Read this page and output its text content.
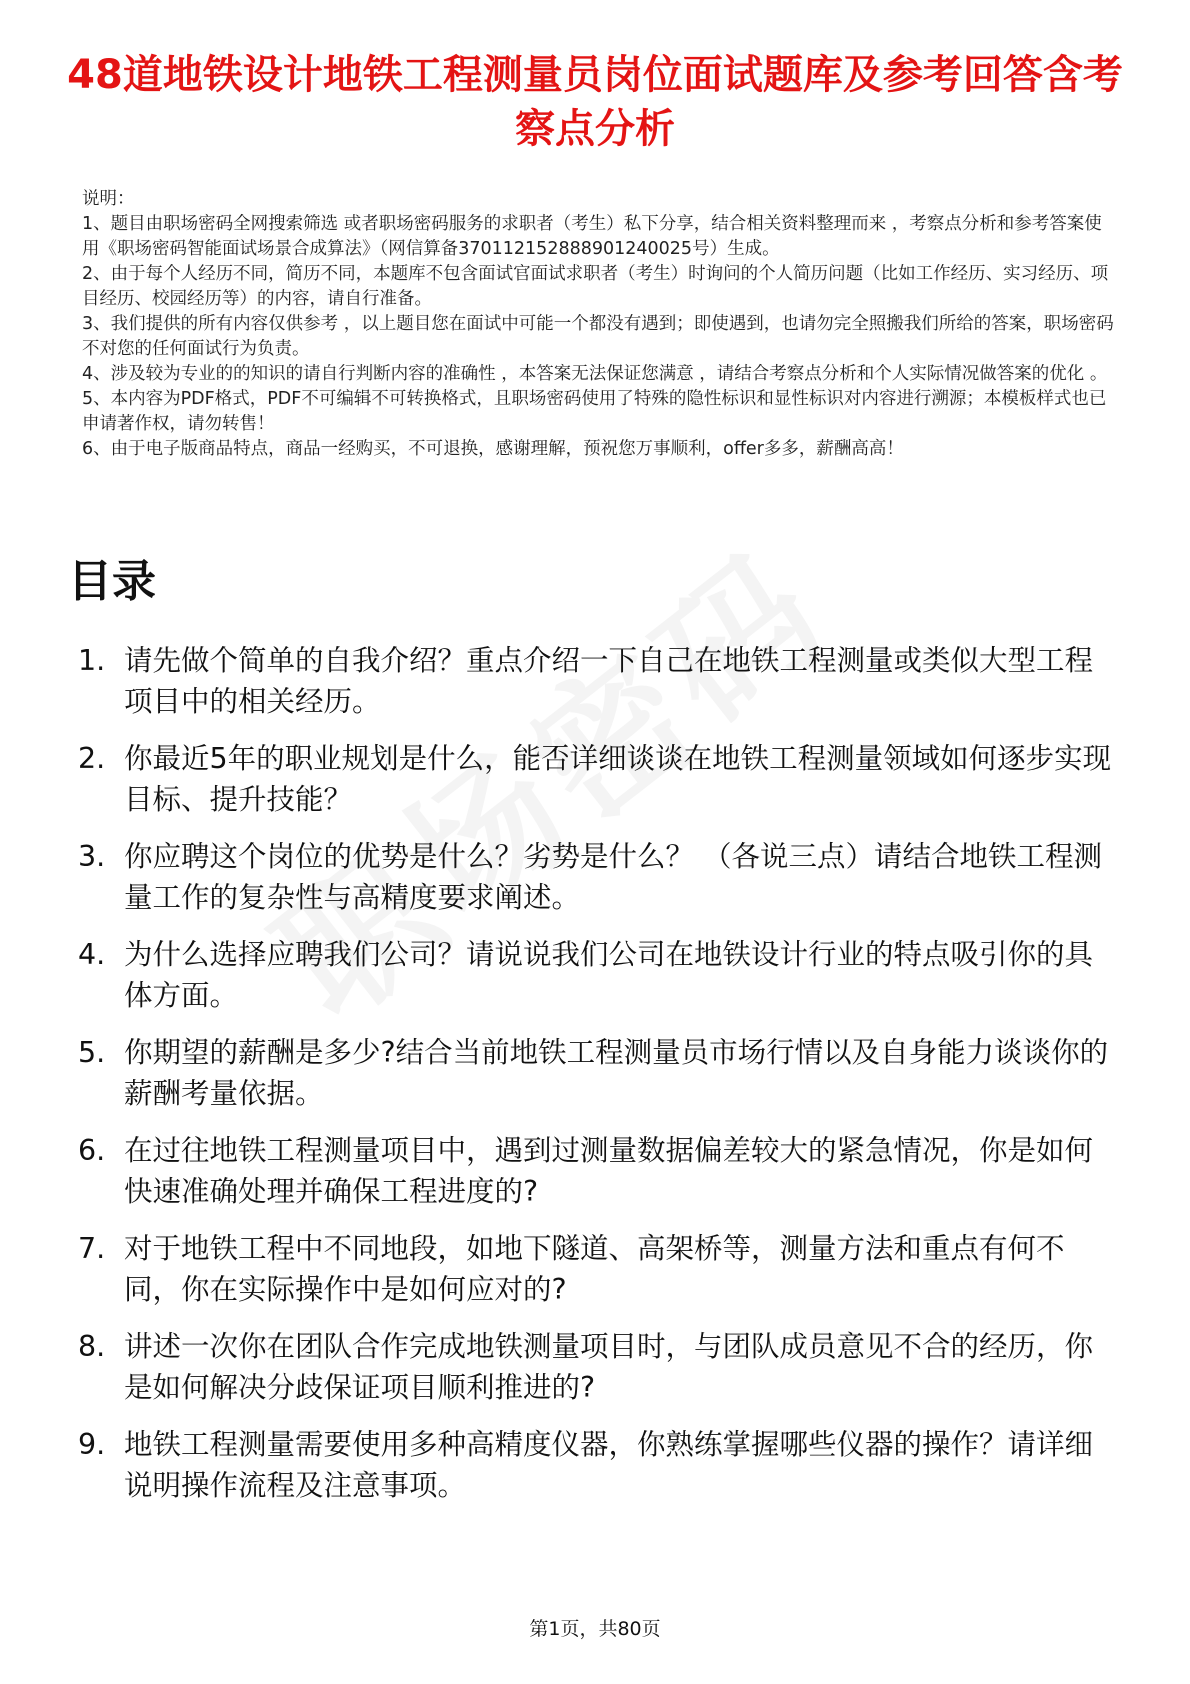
48道地铁设计地铁工程测量员岗位面试题库及参考回答含考察点分析
说明：
1、题目由职场密码全网搜索筛选 或者职场密码服务的求职者（考生）私下分享，结合相关资料整理而来 ，考察点分析和参考答案使用《职场密码智能面试场景合成算法》（网信算备370112152888901240025号）生成。
2、由于每个人经历不同，简历不同，本题库不包含面试官面试求职者（考生）时询问的个人简历问题（比如工作经历、实习经历、项目经历、校园经历等）的内容，请自行准备。
3、我们提供的所有内容仅供参考 ，以上题目您在面试中可能一个都没有遇到；即使遇到，也请勿完全照搬我们所给的答案，职场密码不对您的任何面试行为负责。
4、涉及较为专业的的知识的请自行判断内容的准确性 ，本答案无法保证您满意 ，请结合考察点分析和个人实际情况做答案的优化 。
5、本内容为PDF格式，PDF不可编辑不可转换格式，且职场密码使用了特殊的隐性标识和显性标识对内容进行溯源；本模板样式也已申请著作权，请勿转售！
6、由于电子版商品特点，商品一经购买，不可退换，感谢理解，预祝您万事顺利，offer多多，薪酬高高！
目录
1. 请先做个简单的自我介绍？重点介绍一下自己在地铁工程测量或类似大型工程项目中的相关经历。
2. 你最近5年的职业规划是什么，能否详细谈谈在地铁工程测量领域如何逐步实现目标、提升技能？
3. 你应聘这个岗位的优势是什么？劣势是什么？ （各说三点）请结合地铁工程测量工作的复杂性与高精度要求阐述。
4. 为什么选择应聘我们公司？请说说我们公司在地铁设计行业的特点吸引你的具体方面。
5. 你期望的薪酬是多少?结合当前地铁工程测量员市场行情以及自身能力谈谈你的薪酬考量依据。
6. 在过往地铁工程测量项目中，遇到过测量数据偏差较大的紧急情况，你是如何快速准确处理并确保工程进度的?
7. 对于地铁工程中不同地段，如地下隧道、高架桥等，测量方法和重点有何不同，你在实际操作中是如何应对的?
8. 讲述一次你在团队合作完成地铁测量项目时，与团队成员意见不合的经历，你是如何解决分歧保证项目顺利推进的?
9. 地铁工程测量需要使用多种高精度仪器，你熟练掌握哪些仪器的操作？请详细说明操作流程及注意事项。
第1页，共80页
